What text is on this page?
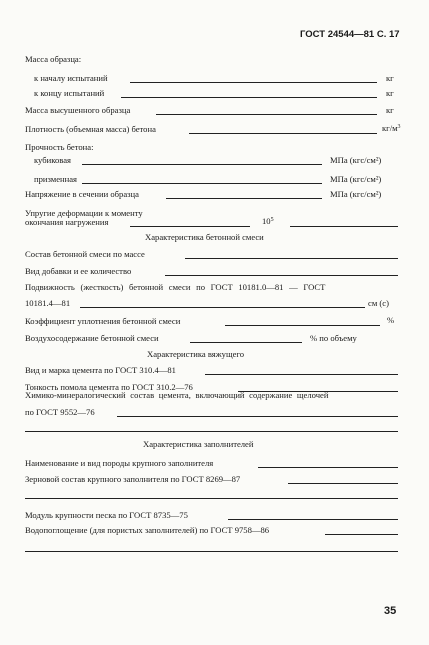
ГОСТ 24544—81 С. 17
Масса образца:
к началу испытаний	кг
к концу испытаний	кг
Масса высушенного образца	кг
Плотность (объемная масса) бетона	$кг/м^3$
Прочность бетона:
кубиковая	МПа (кгс/см²)
призменная	МПа (кгс/см²)
Напряжение в сечении образца	МПа (кгс/см²)
Упругие деформации к моменту
окончания нагружения	$10^5$
Характеристика бетонной смеси
Состав бетонной смеси по массе
Вид добавки и ее количество
Подвижность (жесткость) бетонной смеси по ГОСТ 10181.0—81 — ГОСТ
10181.4—81	см (с)
Коэффициент уплотнения бетонной смеси	%
Воздухосодержание бетонной смеси	% по объему
Характеристика вяжущего
Вид и марка цемента по ГОСТ 310.4—81
Тонкость помола цемента по ГОСТ 310.2—76
Химико-минералогический состав цемента, включающий содержание щелочей
по ГОСТ 9552—76
Характеристика заполнителей
Наименование и вид породы крупного заполнителя
Зерновой состав крупного заполнителя по ГОСТ 8269—87
Модуль крупности песка по ГОСТ 8735—75
Водопоглощение (для пористых заполнителей) по ГОСТ 9758—86
35
